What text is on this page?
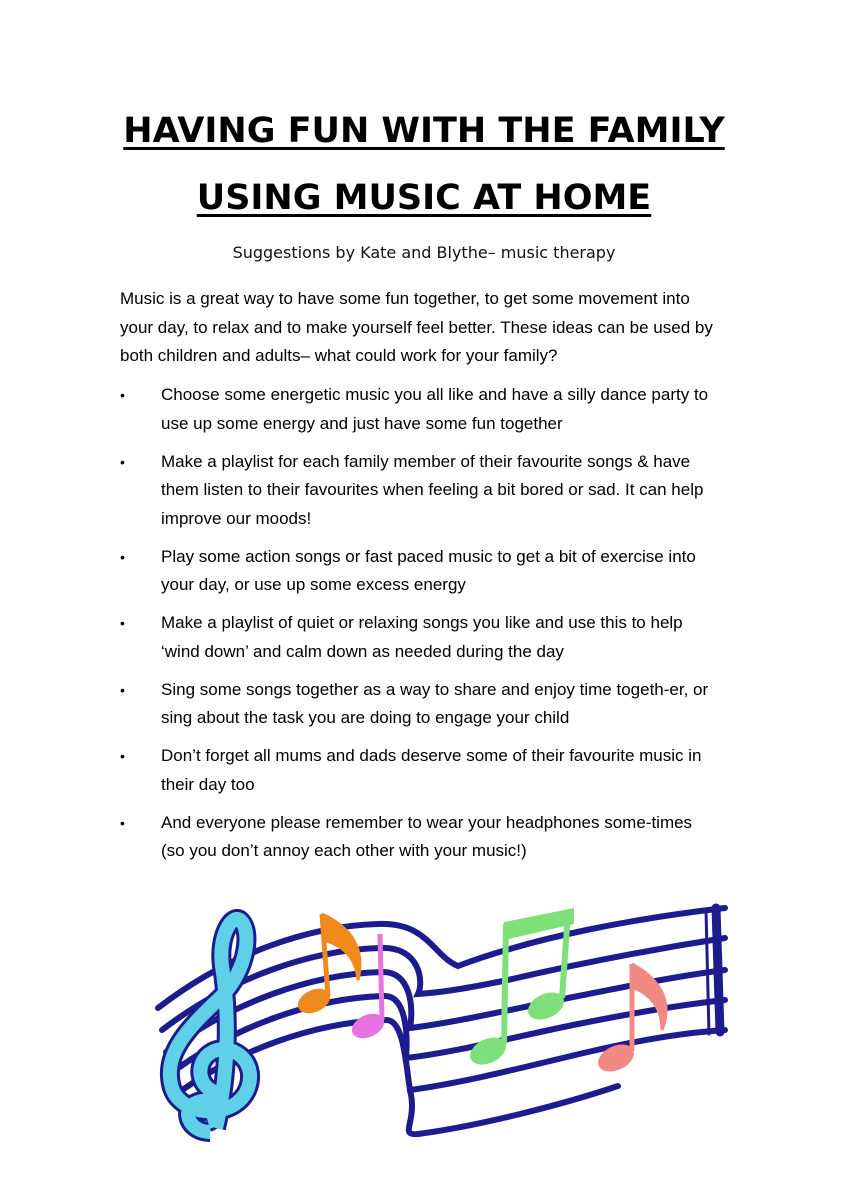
HAVING FUN WITH THE FAMILY
USING MUSIC AT HOME
Suggestions by Kate and Blythe– music therapy

Music is a great way to have some fun together, to get some movement into your day, to relax and to make yourself feel better. These ideas can be used by both children and adults– what could work for your family?

• Choose some energetic music you all like and have a silly dance party to use up some energy and just have some fun together
• Make a playlist for each family member of their favourite songs & have them listen to their favourites when feeling a bit bored or sad. It can help improve our moods!
• Play some action songs or fast paced music to get a bit of exercise into your day, or use up some excess energy
• Make a playlist of quiet or relaxing songs you like and use this to help ‘wind down’ and calm down as needed during the day
• Sing some songs together as a way to share and enjoy time togeth-er, or sing about the task you are doing to engage your child
• Don’t forget all mums and dads deserve some of their favourite music in their day too
• And everyone please remember to wear your headphones some-times (so you don’t annoy each other with your music!)
